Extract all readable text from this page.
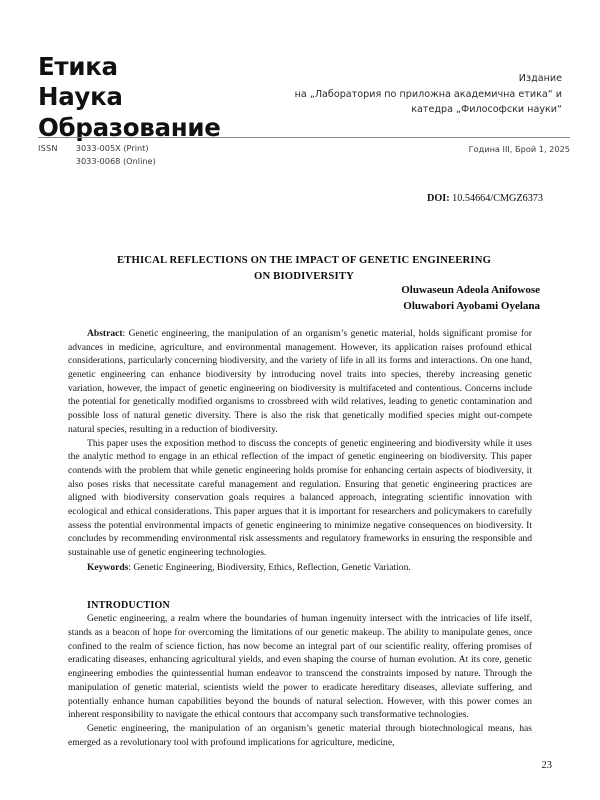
Етика
Наука
Образование
Издание
на „Лаборатория по приложна академична етика“ и
катедра „Философски науки“
ISSN 3033-005X (Print)
3033-0068 (Online)
Година III, Брой 1, 2025
DOI: 10.54664/CMGZ6373
ETHICAL REFLECTIONS ON THE IMPACT OF GENETIC ENGINEERING
ON BIODIVERSITY
Oluwaseun Adeola Anifowose
Oluwabori Ayobami Oyelana

Abstract: Genetic engineering, the manipulation of an organism’s genetic material, holds significant promise for advances in medicine, agriculture, and environmental management. However, its application raises profound ethical considerations, particularly concerning biodiversity, and the variety of life in all its forms and interactions. On one hand, genetic engineering can enhance biodiversity by introducing novel traits into species, thereby increasing genetic variation, however, the impact of genetic engineering on biodiversity is multifaceted and contentious. Concerns include the potential for genetically modified organisms to crossbreed with wild relatives, leading to genetic contamination and possible loss of natural genetic diversity. There is also the risk that genetically modified species might out-compete natural species, resulting in a reduction of biodiversity.

This paper uses the exposition method to discuss the concepts of genetic engineering and biodiversity while it uses the analytic method to engage in an ethical reflection of the impact of genetic engineering on biodiversity. This paper contends with the problem that while genetic engineering holds promise for enhancing certain aspects of biodiversity, it also poses risks that necessitate careful management and regulation. Ensuring that genetic engineering practices are aligned with biodiversity conservation goals requires a balanced approach, integrating scientific innovation with ecological and ethical considerations. This paper argues that it is important for researchers and policymakers to carefully assess the potential environmental impacts of genetic engineering to minimize negative consequences on biodiversity. It concludes by recommending environmental risk assessments and regulatory frameworks in ensuring the responsible and sustainable use of genetic engineering technologies.

Keywords: Genetic Engineering, Biodiversity, Ethics, Reflection, Genetic Variation.

INTRODUCTION

Genetic engineering, a realm where the boundaries of human ingenuity intersect with the intricacies of life itself, stands as a beacon of hope for overcoming the limitations of our genetic makeup. The ability to manipulate genes, once confined to the realm of science fiction, has now become an integral part of our scientific reality, offering promises of eradicating diseases, enhancing agricultural yields, and even shaping the course of human evolution. At its core, genetic engineering embodies the quintessential human endeavor to transcend the constraints imposed by nature. Through the manipulation of genetic material, scientists wield the power to eradicate hereditary diseases, alleviate suffering, and potentially enhance human capabilities beyond the bounds of natural selection. However, with this power comes an inherent responsibility to navigate the ethical contours that accompany such transformative technologies.

Genetic engineering, the manipulation of an organism’s genetic material through biotechnological means, has emerged as a revolutionary tool with profound implications for agriculture, medicine,

23
